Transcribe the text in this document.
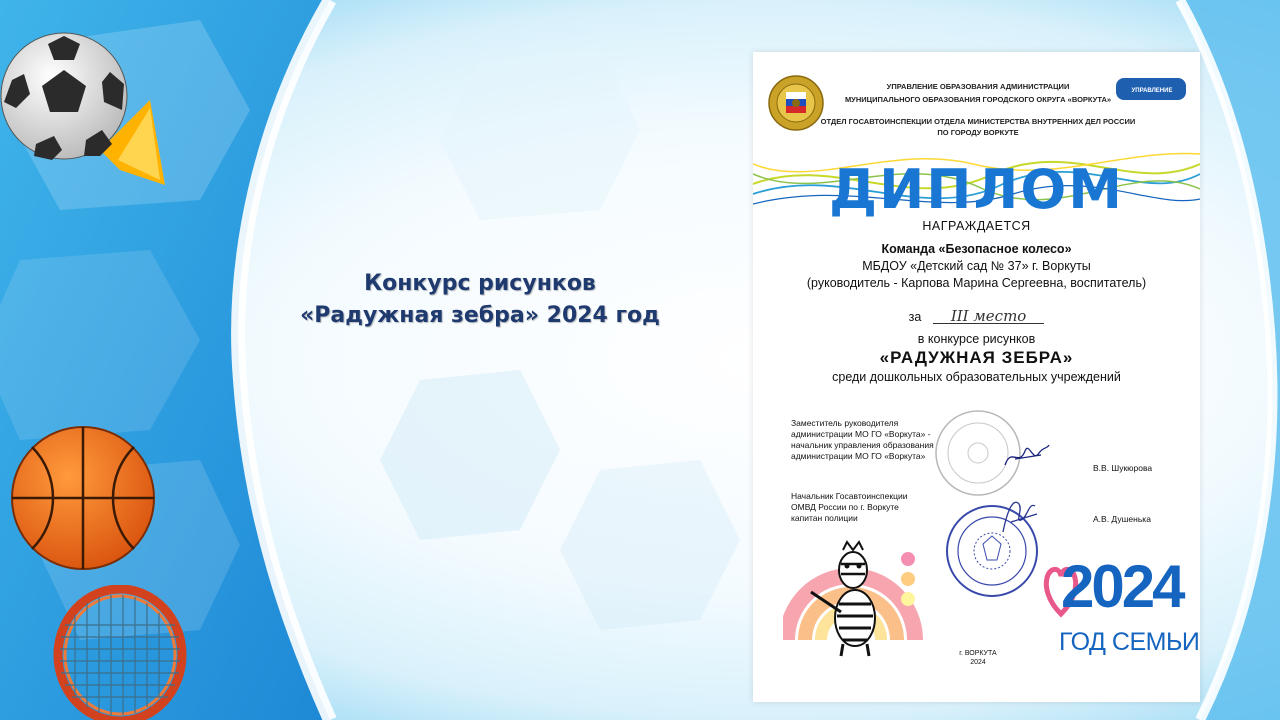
Конкурс рисунков
«Радужная зебра» 2024 год
УПРАВЛЕНИЕ
УПРАВЛЕНИЕ ОБРАЗОВАНИЯ АДМИНИСТРАЦИИ
МУНИЦИПАЛЬНОГО ОБРАЗОВАНИЯ ГОРОДСКОГО ОКРУГА «ВОРКУТА»
ОТДЕЛ ГОСАВТОИНСПЕКЦИИ ОТДЕЛА МИНИСТЕРСТВА ВНУТРЕННИХ ДЕЛ РОССИИ
ПО ГОРОДУ ВОРКУТЕ
ДИПЛОМ
НАГРАЖДАЕТСЯ
Команда «Безопасное колесо»
МБДОУ «Детский сад № 37» г. Воркуты
(руководитель - Карпова Марина Сергеевна, воспитатель)
за III место
в конкурсе рисунков
«РАДУЖНАЯ ЗЕБРА»
среди дошкольных образовательных учреждений
Заместитель руководителя
администрации МО ГО «Воркута» -
начальник управления образования
администрации МО ГО «Воркута»
В.В. Шукюрова
Начальник Госавтоинспекции
ОМВД России по г. Воркуте
капитан полиции	А.В. Душенька
г. ВОРКУТА
2024
2024
ГОД СЕМЬИ
